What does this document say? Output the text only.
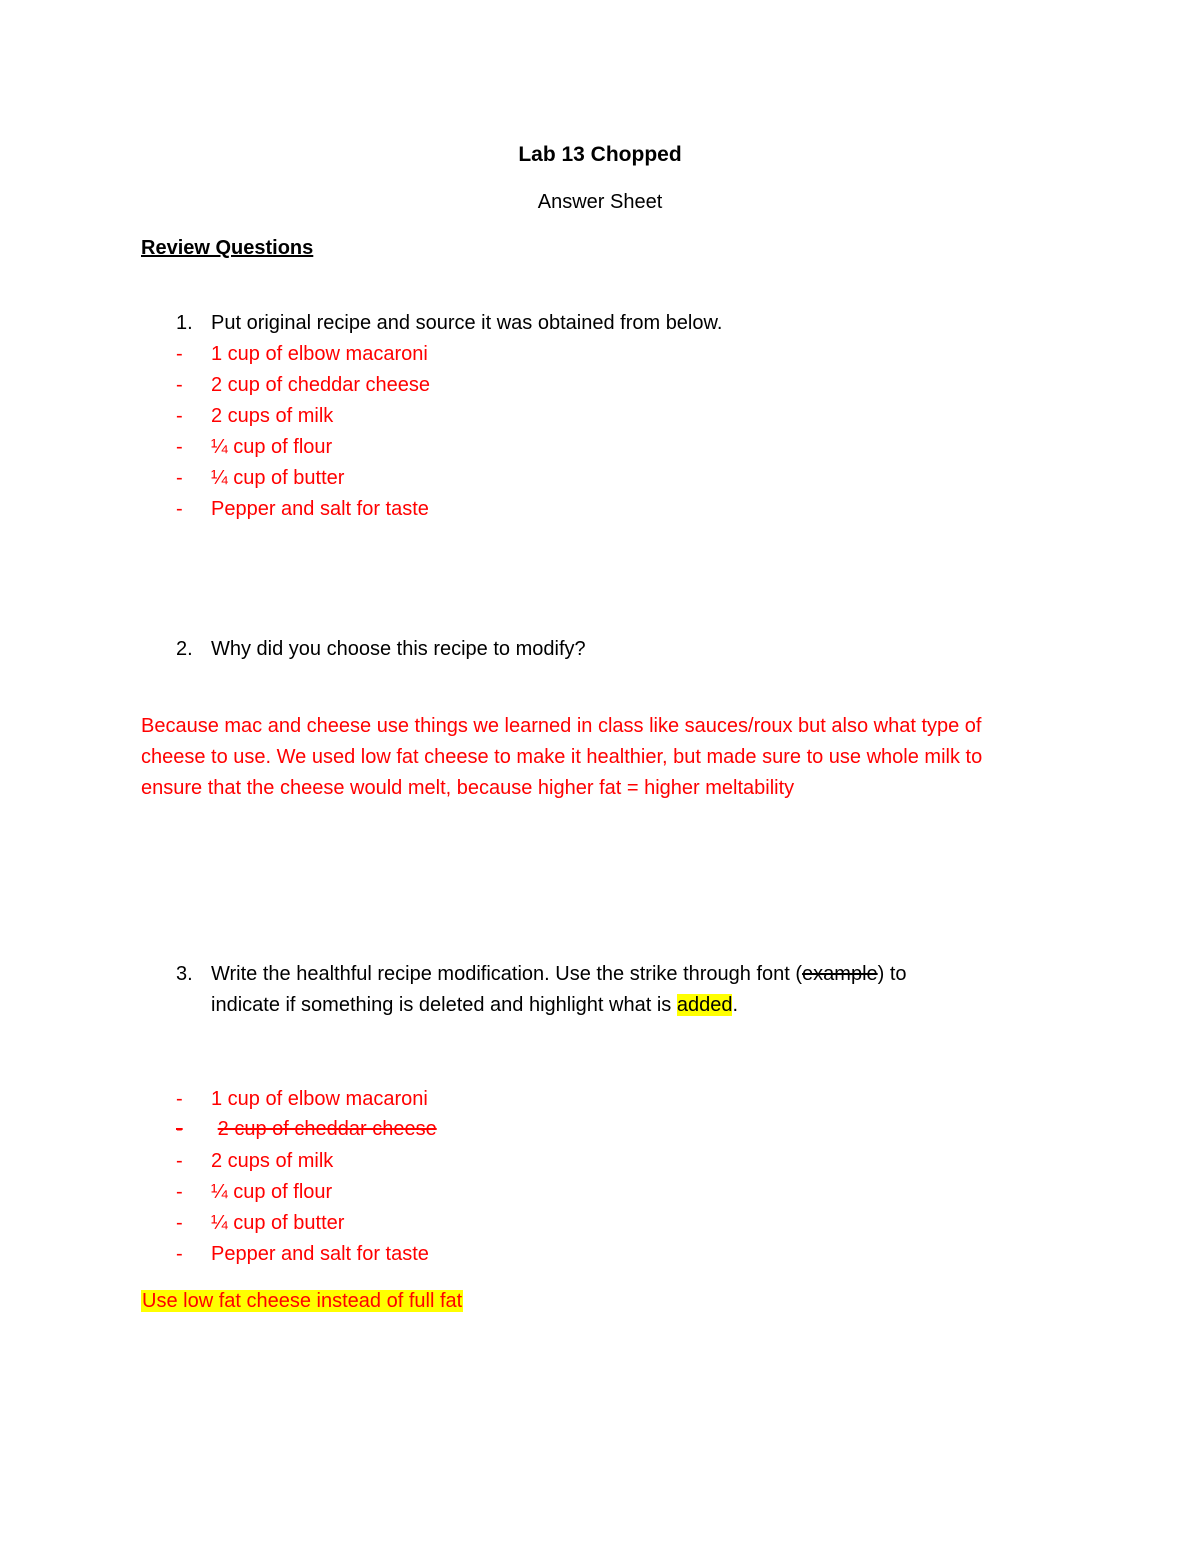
Lab 13 Chopped
Answer Sheet
Review Questions
1. Put original recipe and source it was obtained from below.
- 1 cup of elbow macaroni
- 2 cup of cheddar cheese
- 2 cups of milk
- ¼ cup of flour
- ¼ cup of butter
- Pepper and salt for taste
2. Why did you choose this recipe to modify?
Because mac and cheese use things we learned in class like sauces/roux but also what type of
cheese to use. We used low fat cheese to make it healthier, but made sure to use whole milk to
ensure that the cheese would melt, because higher fat = higher meltability
3. Write the healthful recipe modification. Use the strike through font (example) to
indicate if something is deleted and highlight what is added.
- 1 cup of elbow macaroni
- 2 cup of cheddar cheese
- 2 cups of milk
- ¼ cup of flour
- ¼ cup of butter
- Pepper and salt for taste
Use low fat cheese instead of full fat
